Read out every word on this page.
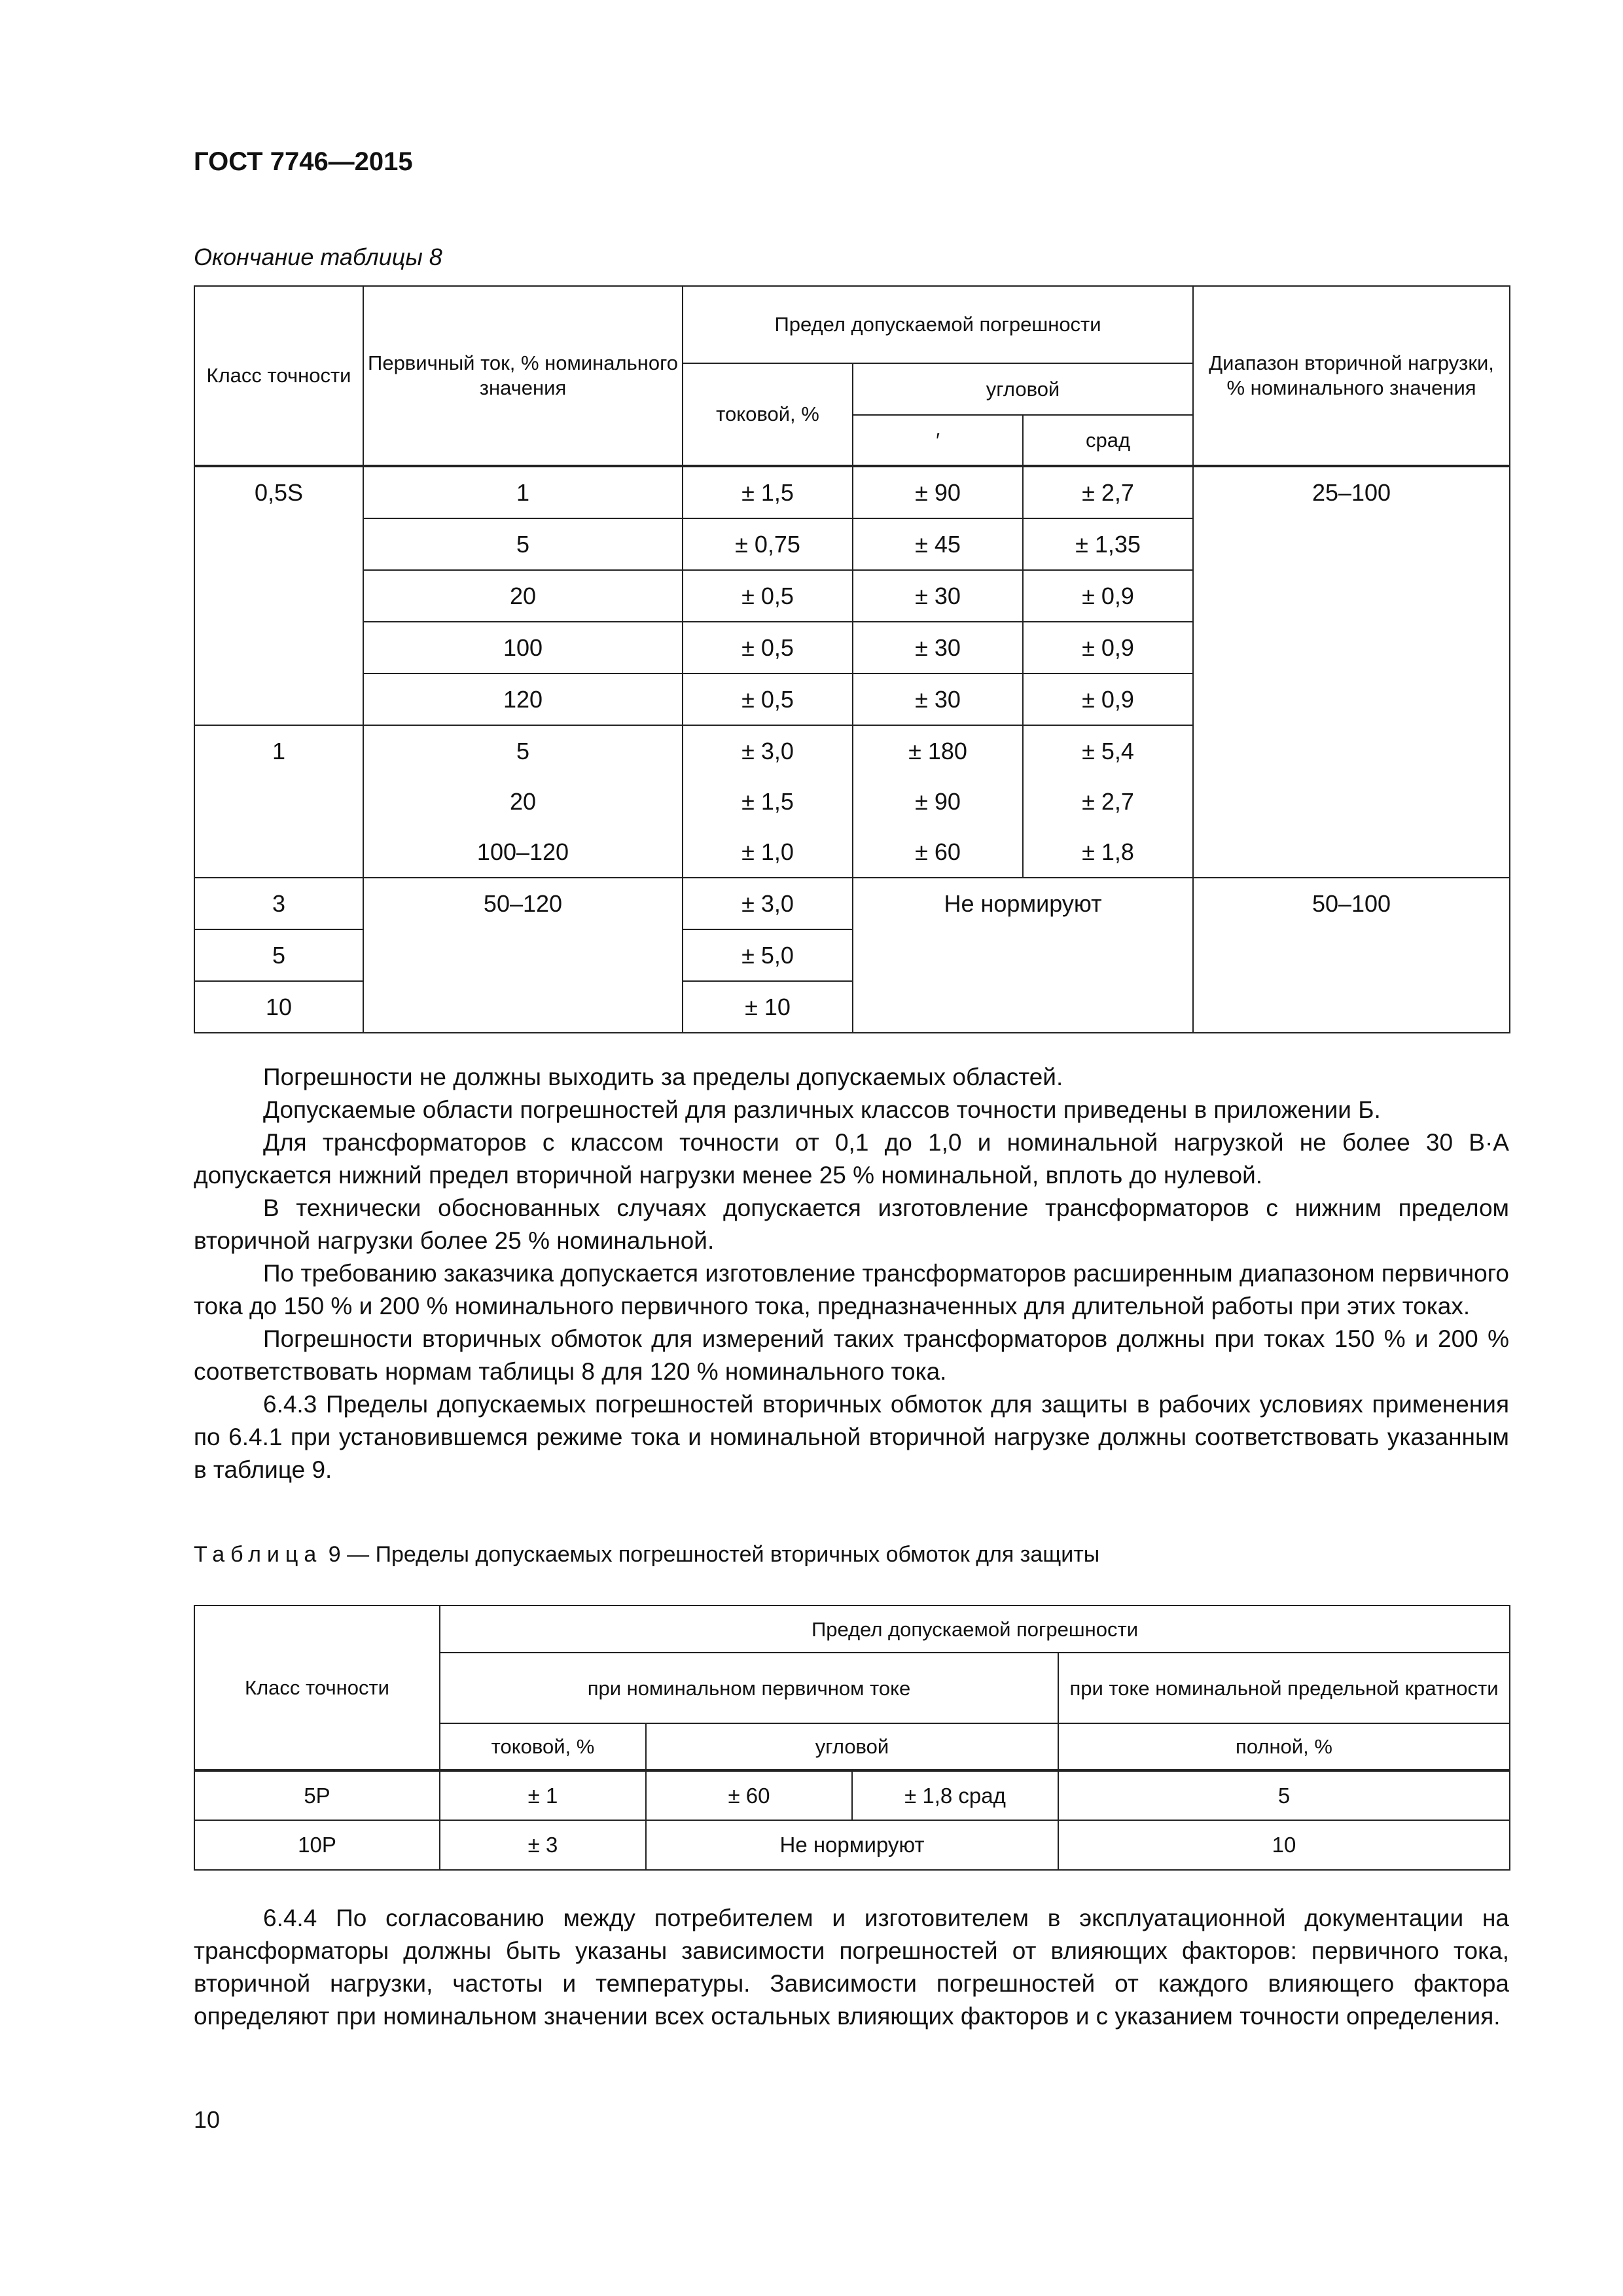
ГОСТ 7746—2015
Окончание таблицы 8
Класс точности	Первичный ток, % номинального значения	Предел допускаемой погрешности			Диапазон вторичной нагрузки, % номинального значения
		токовой, %	угловой		
			′	срад	
0,5S	1	± 1,5	± 90	± 2,7	25–100
	5	± 0,75	± 45	± 1,35	
	20	± 0,5	± 30	± 0,9	
	100	± 0,5	± 30	± 0,9	
	120	± 0,5	± 30	± 0,9	
1	5	± 3,0	± 180	± 5,4	
	20	± 1,5	± 90	± 2,7	
	100–120	± 1,0	± 60	± 1,8	
3	50–120	± 3,0	Не нормируют		50–100
5		± 5,0			
10		± 10			

Погрешности не должны выходить за пределы допускаемых областей.

Допускаемые области погрешностей для различных классов точности приведены в приложении Б.

Для трансформаторов с классом точности от 0,1 до 1,0 и номинальной нагрузкой не более 30 В·А допускается нижний предел вторичной нагрузки менее 25 % номинальной, вплоть до нулевой.

В технически обоснованных случаях допускается изготовление трансформаторов с нижним пределом вторичной нагрузки более 25 % номинальной.

По требованию заказчика допускается изготовление трансформаторов расширенным диапазоном первичного тока до 150 % и 200 % номинального первичного тока, предназначенных для длительной работы при этих токах.

Погрешности вторичных обмоток для измерений таких трансформаторов должны при токах 150 % и 200 % соответствовать нормам таблицы 8 для 120 % номинального тока.

6.4.3 Пределы допускаемых погрешностей вторичных обмоток для защиты в рабочих условиях применения по 6.4.1 при установившемся режиме тока и номинальной вторичной нагрузке должны соответствовать указанным в таблице 9.

Таблица 9 — Пределы допускаемых погрешностей вторичных обмоток для защиты
Класс точности	Предел допускаемой погрешности			
	при номинальном первичном токе			при токе номинальной предельной кратности
	токовой, %	угловой		полной, %
5P	± 1	± 60	± 1,8 срад	5
10P	± 3	Не нормируют		10

6.4.4 По согласованию между потребителем и изготовителем в эксплуатационной документации на трансформаторы должны быть указаны зависимости погрешностей от влияющих факторов: первичного тока, вторичной нагрузки, частоты и температуры. Зависимости погрешностей от каждого влияющего фактора определяют при номинальном значении всех остальных влияющих факторов и с указанием точности определения.

10
